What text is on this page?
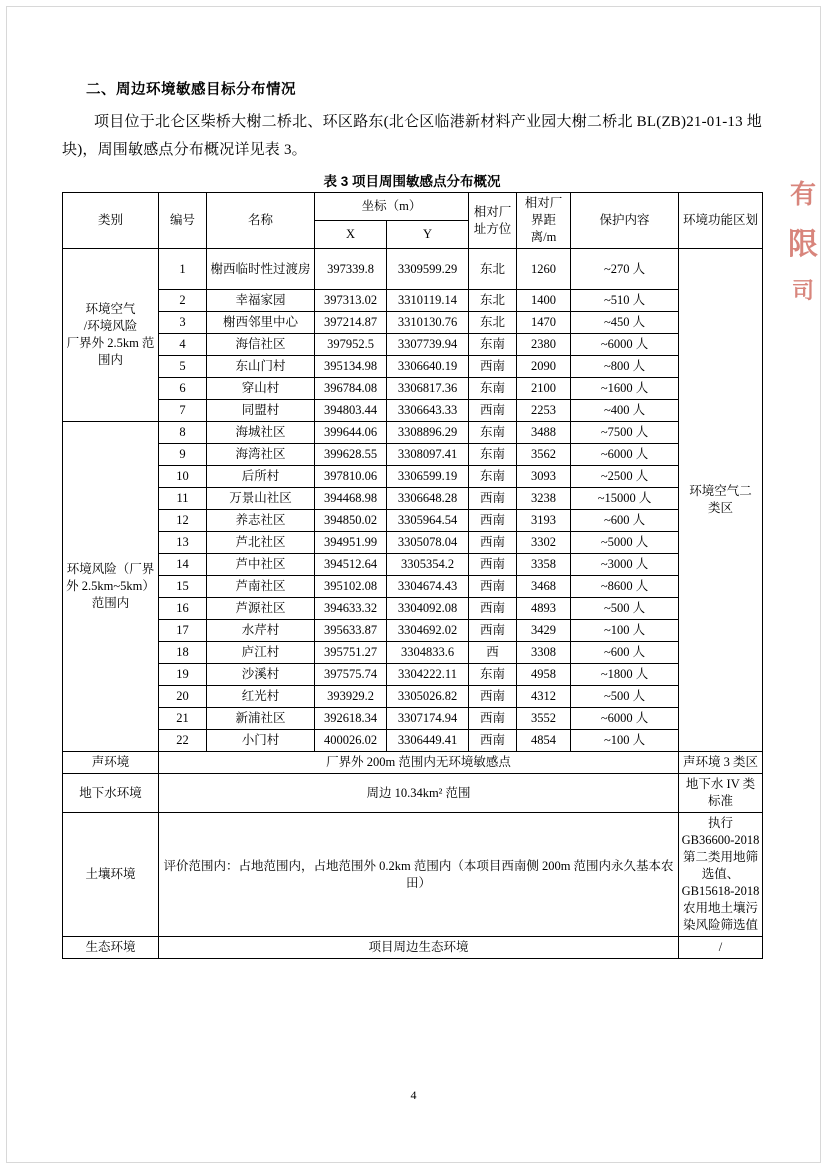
有
限
司
二、周边环境敏感目标分布情况

项目位于北仑区柴桥大榭二桥北、环区路东(北仑区临港新材料产业园大榭二桥北 BL(ZB)21-01-13 地块)，周围敏感点分布概况详见表 3。

表 3 项目周围敏感点分布概况
类别	编号	名称	坐标（m）		相对厂址方位	相对厂界距离/m	保护内容	环境功能区划
			X	Y				

环境空气
/环境风险
厂界外 2.5km 范
围内
	1	榭西临时性过渡房	397339.8	3309599.29	东北	1260	~270 人	
环境空气二
类区

	2	幸福家园	397313.02	3310119.14	东北	1400	~510 人	
	3	榭西邻里中心	397214.87	3310130.76	东北	1470	~450 人	
	4	海信社区	397952.5	3307739.94	东南	2380	~6000 人	
	5	东山门村	395134.98	3306640.19	西南	2090	~800 人	
	6	穿山村	396784.08	3306817.36	东南	2100	~1600 人	
	7	同盟村	394803.44	3306643.33	西南	2253	~400 人	

环境风险（厂界
外 2.5km~5km）
范围内	8	海城社区	399644.06	3308896.29	东南	3488	~7500 人	
	9	海湾社区	399628.55	3308097.41	东南	3562	~6000 人	
	10	后所村	397810.06	3306599.19	东南	3093	~2500 人	
	11	万景山社区	394468.98	3306648.28	西南	3238	~15000 人	
	12	养志社区	394850.02	3305964.54	西南	3193	~600 人	
	13	芦北社区	394951.99	3305078.04	西南	3302	~5000 人	
	14	芦中社区	394512.64	3305354.2	西南	3358	~3000 人	
	15	芦南社区	395102.08	3304674.43	西南	3468	~8600 人	
	16	芦源社区	394633.32	3304092.08	西南	4893	~500 人	
	17	水芹村	395633.87	3304692.02	西南	3429	~100 人	
	18	庐江村	395751.27	3304833.6	西	3308	~600 人	
	19	沙溪村	397575.74	3304222.11	东南	4958	~1800 人	
	20	红光村	393929.2	3305026.82	西南	4312	~500 人	
	21	新浦社区	392618.34	3307174.94	西南	3552	~6000 人	
	22	小门村	400026.02	3306449.41	西南	4854	~100 人	
声环境	厂界外 200m 范围内无环境敏感点							声环境 3 类区
地下水环境	周边 10.34km² 范围							地下水 IV 类标准
土壤环境	评价范围内：占地范围内，占地范围外 0.2km 范围内（本项目西南侧 200m 范围内永久基本农田）							执行 GB36600-2018 第二类用地筛选值、GB15618-2018 农用地土壤污染风险筛选值
生态环境	项目周边生态环境							/
4
